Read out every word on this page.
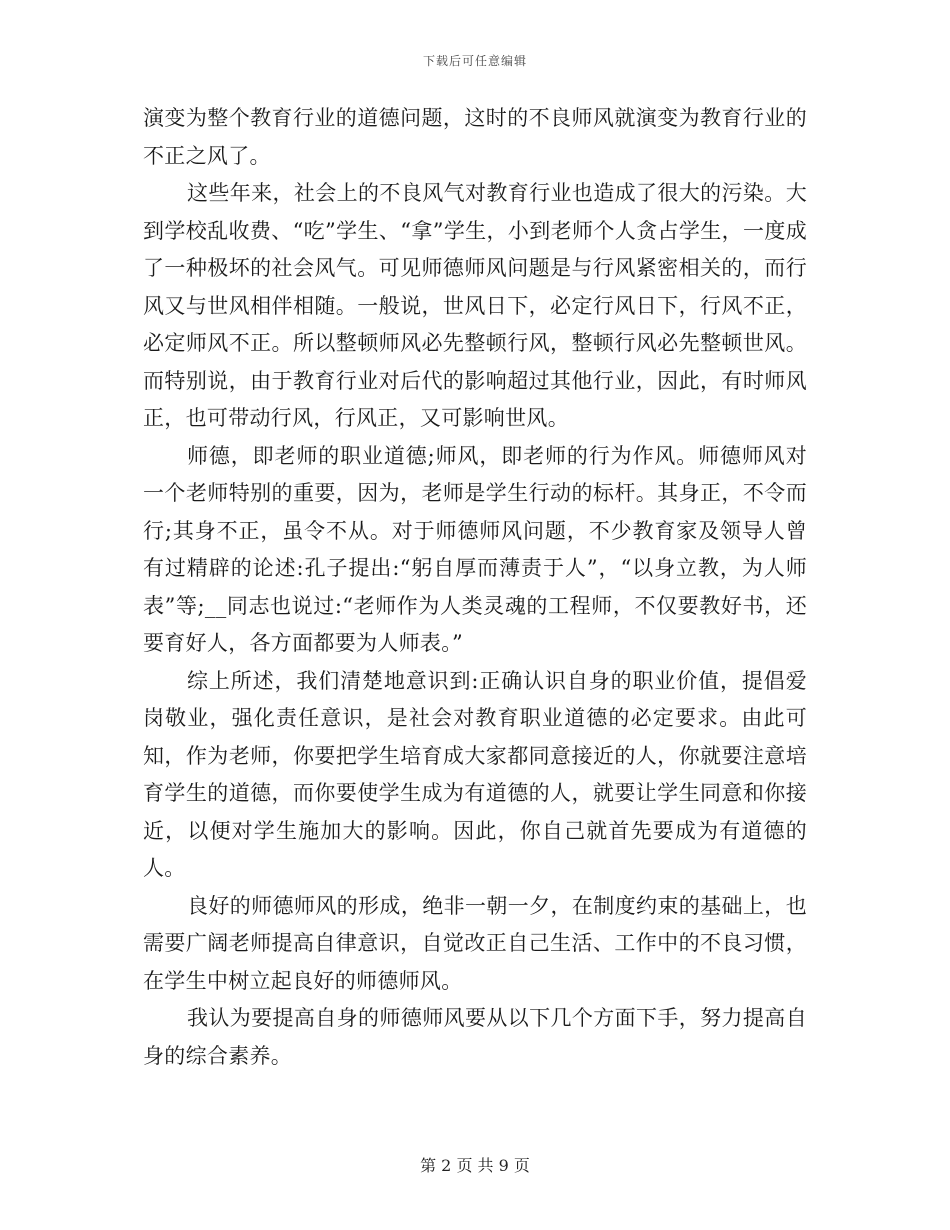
下载后可任意编辑

演变为整个教育行业的道德问题，这时的不良师风就演变为教育行业的不正之风了。

这些年来，社会上的不良风气对教育行业也造成了很大的污染。大到学校乱收费、“吃”学生、“拿”学生，小到老师个人贪占学生，一度成了一种极坏的社会风气。可见师德师风问题是与行风紧密相关的，而行风又与世风相伴相随。一般说，世风日下，必定行风日下，行风不正，必定师风不正。所以整顿师风必先整顿行风，整顿行风必先整顿世风。而特别说，由于教育行业对后代的影响超过其他行业，因此，有时师风正，也可带动行风，行风正，又可影响世风。

师德，即老师的职业道德;师风，即老师的行为作风。师德师风对一个老师特别的重要，因为，老师是学生行动的标杆。其身正，不令而行;其身不正，虽令不从。对于师德师风问题，不少教育家及领导人曾有过精辟的论述:孔子提出:“躬自厚而薄责于人”，“以身立教，为人师表”等;__同志也说过:“老师作为人类灵魂的工程师，不仅要教好书，还要育好人，各方面都要为人师表。”

综上所述，我们清楚地意识到:正确认识自身的职业价值，提倡爱岗敬业，强化责任意识，是社会对教育职业道德的必定要求。由此可知，作为老师，你要把学生培育成大家都同意接近的人，你就要注意培育学生的道德，而你要使学生成为有道德的人，就要让学生同意和你接近，以便对学生施加大的影响。因此，你自己就首先要成为有道德的人。

良好的师德师风的形成，绝非一朝一夕，在制度约束的基础上，也需要广阔老师提高自律意识，自觉改正自己生活、工作中的不良习惯，在学生中树立起良好的师德师风。

我认为要提高自身的师德师风要从以下几个方面下手，努力提高自身的综合素养。

第 2 页 共 9 页
